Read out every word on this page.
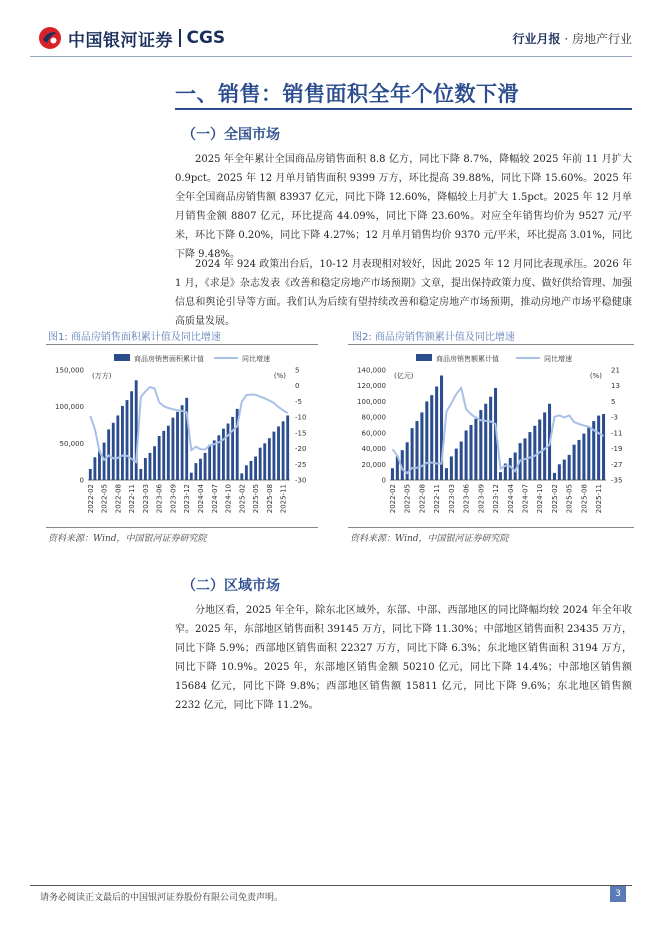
中国银河证券 CGS	行业月报 · 房地产行业
一、销售：销售面积全年个位数下滑
（一）全国市场

2025 年全年累计全国商品房销售面积 8.8 亿方，同比下降 8.7%，降幅较 2025 年前 11 月扩大 0.9pct。2025 年 12 月单月销售面积 9399 万方，环比提高 39.88%，同比下降 15.60%。2025 年全年全国商品房销售额 83937 亿元，同比下降 12.60%，降幅较上月扩大 1.5pct。2025 年 12 月单月销售金额 8807 亿元，环比提高 44.09%，同比下降 23.60%。对应全年销售均价为 9527 元/平米，环比下降 0.20%，同比下降 4.27%；12 月单月销售均价 9370 元/平米，环比提高 3.01%，同比下降 9.48%。

2024 年 924 政策出台后，10-12 月表现相对较好，因此 2025 年 12 月同比表现承压。2026 年 1 月，《求是》杂志发表《改善和稳定房地产市场预期》文章，提出保持政策力度、做好供给管理、加强信息和舆论引导等方面。我们认为后续有望持续改善和稳定房地产市场预期，推动房地产市场平稳健康高质量发展。

图1: 商品房销售面积累计值及同比增速	图2: 商品房销售额累计值及同比增速
商品房销售面积累计值	同比增速
(万方)	(%)
150,000
100,000
50,000
0
5
0
-5
-10
-15
-20
-25
-30
2022-02 2022-05 2022-08 2022-11 2023-03 2023-06 2023-09 2023-12 2024-04 2024-07 2024-10 2025-02 2025-05 2025-08 2025-11
商品房销售额累计值	同比增速
(亿元)	(%)
140,000
120,000
100,000
80,000
60,000
40,000
20,000
0
21
13
5
-3
-11
-19
-27
-35
2022-02 2022-05 2022-08 2022-11 2023-03 2023-06 2023-09 2023-12 2024-04 2024-07 2024-10 2025-02 2025-05 2025-08 2025-11
资料来源：Wind，中国银河证券研究院	资料来源：Wind，中国银河证券研究院
（二）区域市场

分地区看，2025 年全年，除东北区域外，东部、中部、西部地区的同比降幅均较 2024 年全年收窄。2025 年，东部地区销售面积 39145 万方，同比下降 11.30%；中部地区销售面积 23435 万方，同比下降 5.9%；西部地区销售面积 22327 万方，同比下降 6.3%；东北地区销售面积 3194 万方，同比下降 10.9%。2025 年，东部地区销售金额 50210 亿元，同比下降 14.4%；中部地区销售额 15684 亿元，同比下降 9.8%；西部地区销售额 15811 亿元，同比下降 9.6%；东北地区销售额 2232 亿元，同比下降 11.2%。

请务必阅读正文最后的中国银河证券股份有限公司免责声明。	3
